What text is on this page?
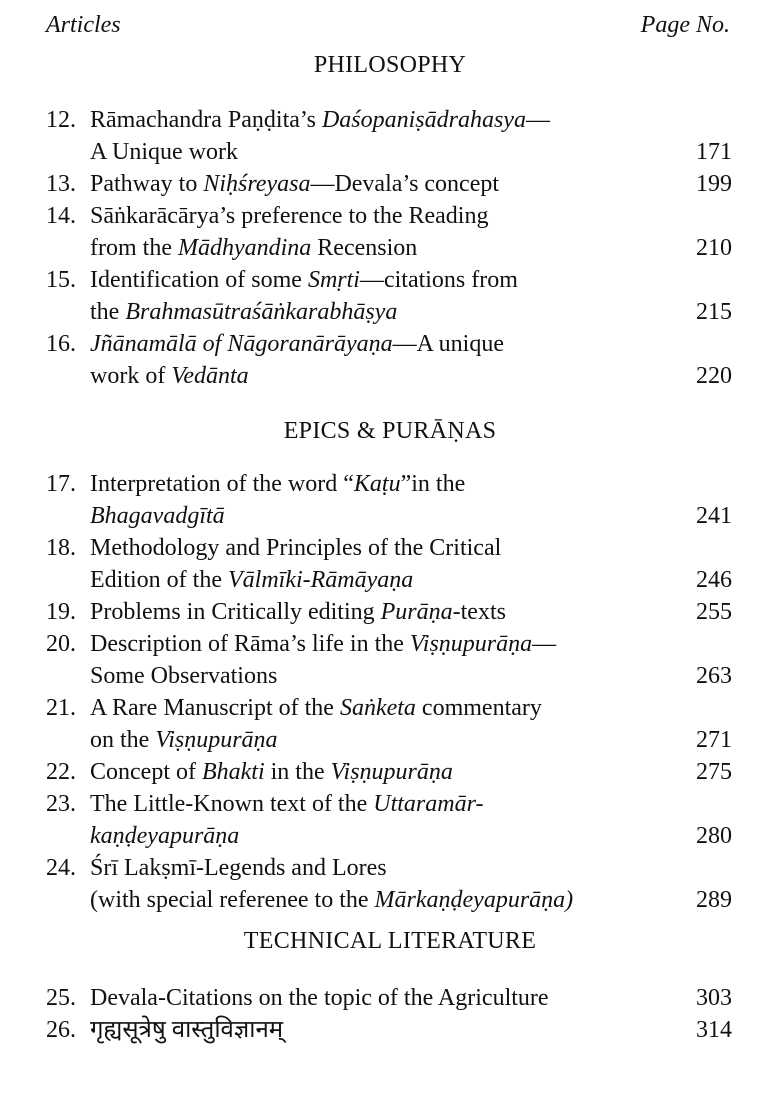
Articles	Page No.
PHILOSOPHY
12. Rāmachandra Paṇḍita’s Daśopaniṣādrahasya—
A Unique work	171
13. Pathway to Niḥśreyasa—Devala’s concept	199
14. Sāṅkarācārya’s preference to the Reading
from the Mādhyandina Recension	210
15. Identification of some Smṛti—citations from
the Brahmasūtraśāṅkarabhāṣya	215
16. Jñānamālā of Nāgoranārāyaṇa—A unique
work of Vedānta	220
EPICS & PURĀṆAS
17. Interpretation of the word “Kaṭu”in the
Bhagavadgītā	241
18. Methodology and Principles of the Critical
Edition of the Vālmīki-Rāmāyaṇa	246
19. Problems in Critically editing Purāṇa-texts	255
20. Description of Rāma’s life in the Viṣṇupurāṇa—
Some Observations	263
21. A Rare Manuscript of the Saṅketa commentary
on the Viṣṇupurāṇa	271
22. Concept of Bhakti in the Viṣṇupurāṇa	275
23. The Little-Known text of the Uttaramār-
kaṇḍeyapurāṇa	280
24. Śrī Lakṣmī-Legends and Lores
(with special referenee to the Mārkaṇḍeyapurāṇa)	289
TECHNICAL LITERATURE
25. Devala-Citations on the topic of the Agriculture	303
26. गृह्यसूत्रेषु वास्तुविज्ञानम्	314
